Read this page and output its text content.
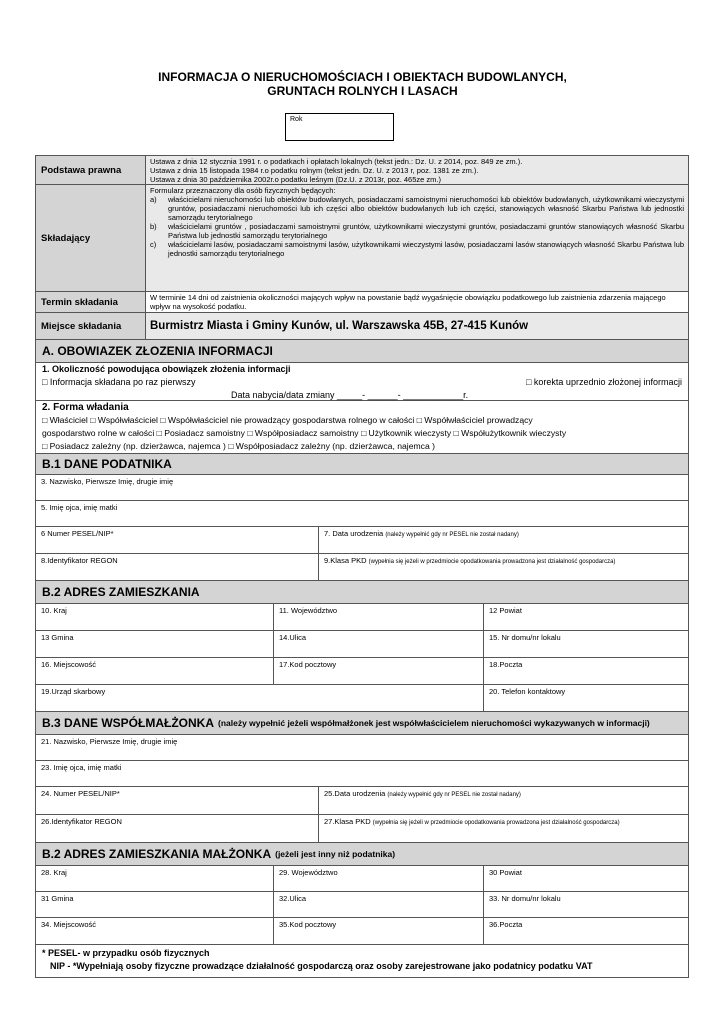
INFORMACJA O NIERUCHOMOŚCIACH I OBIEKTACH BUDOWLANYCH,
GRUNTACH ROLNYCH I LASACH
Rok
Podstawa prawna
Ustawa z dnia 12 stycznia 1991 r. o podatkach i opłatach lokalnych (tekst jedn.: Dz. U. z 2014, poz. 849 ze zm.).
Ustawa z dnia 15 listopada 1984 r.o podatku rolnym (tekst jedn. Dz. U. z 2013 r, poz. 1381 ze zm.).
Ustawa z dnia 30 października 2002r.o podatku leśnym (Dz.U. z 2013r, poz. 465ze zm.)
Składający
Formularz przeznaczony dla osób fizycznych będących:
a)	właścicielami nieruchomości lub obiektów budowlanych, posiadaczami samoistnymi nieruchomości lub obiektów budowlanych, użytkownikami wieczystymi gruntów, posiadaczami nieruchomości lub ich części albo obiektów budowlanych lub ich części, stanowiących własność Skarbu Państwa lub jednostki samorządu terytorialnego
b)	właścicielami gruntów , posiadaczami samoistnymi gruntów, użytkownikami wieczystymi gruntów, posiadaczami gruntów stanowiących własność Skarbu Państwa lub jednostki samorządu terytorialnego
c)	właścicielami lasów, posiadaczami samoistnymi lasów, użytkownikami wieczystymi lasów, posiadaczami lasów stanowiących własność Skarbu Państwa lub jednostki samorządu terytorialnego
Termin składania	W terminie 14 dni od zaistnienia okoliczności mających wpływ na powstanie bądź wygaśnięcie obowiązku podatkowego lub zaistnienia zdarzenia mającego wpływ na wysokość podatku.
Miejsce składania	Burmistrz Miasta i Gminy Kunów, ul. Warszawska 45B, 27-415 Kunów
A. OBOWIAZEK ZŁOZENIA INFORMACJI
1. Okoliczność powodująca obowiązek złożenia informacji
□ Informacja składana po raz pierwszy	□ korekta uprzednio złożonej informacji
Data nabycia/data zmiany _____- ______- ____________r.
2. Forma władania
□ Właściciel □ Współwłaściciel □ Współwłaściciel nie prowadzący gospodarstwa rolnego w całości □ Współwłaściciel prowadzący
gospodarstwo rolne w całości □ Posiadacz samoistny □ Współposiadacz samoistny □ Użytkownik wieczysty □ Współużytkownik wieczysty
□ Posiadacz zależny (np. dzierżawca, najemca ) □ Współposiadacz zależny (np. dzierżawca, najemca )
B.1 DANE PODATNIKA
3. Nazwisko, Pierwsze Imię, drugie imię
5. Imię ojca, imię matki
6 Numer PESEL/NIP*	7. Data urodzenia (należy wypełnić gdy nr PESEL nie został nadany)
8.Identyfikator REGON	9.Klasa PKD (wypełnia się jeżeli w przedmiocie opodatkowania prowadzona jest działalność gospodarcza)
B.2 ADRES ZAMIESZKANIA
10. Kraj	11. Województwo	12 Powiat
13 Gmina	14.Ulica	15. Nr domu/nr lokalu
16. Miejscowość	17.Kod pocztowy	18.Poczta
19.Urząd skarbowy	20. Telefon kontaktowy
B.3 DANE WSPÓŁMAŁŻONKA (należy wypełnić jeżeli współmałżonek jest współwłaścicielem nieruchomości wykazywanych w informacji)
21. Nazwisko, Pierwsze Imię, drugie imię
23. Imię ojca, imię matki
24. Numer PESEL/NIP*	25.Data urodzenia (należy wypełnić gdy nr PESEL nie został nadany)
26.Identyfikator REGON	27.Klasa PKD (wypełnia się jeżeli w przedmiocie opodatkowania prowadzona jest działalność gospodarcza)
B.2 ADRES ZAMIESZKANIA MAŁŻONKA (jeżeli jest inny niż podatnika)
28. Kraj	29. Województwo	30 Powiat
31 Gmina	32.Ulica	33. Nr domu/nr lokalu
34. Miejscowość	35.Kod pocztowy	36.Poczta
* PESEL- w przypadku osób fizycznych
NIP - *Wypełniają osoby fizyczne prowadzące działalność gospodarczą oraz osoby zarejestrowane jako podatnicy podatku VAT
